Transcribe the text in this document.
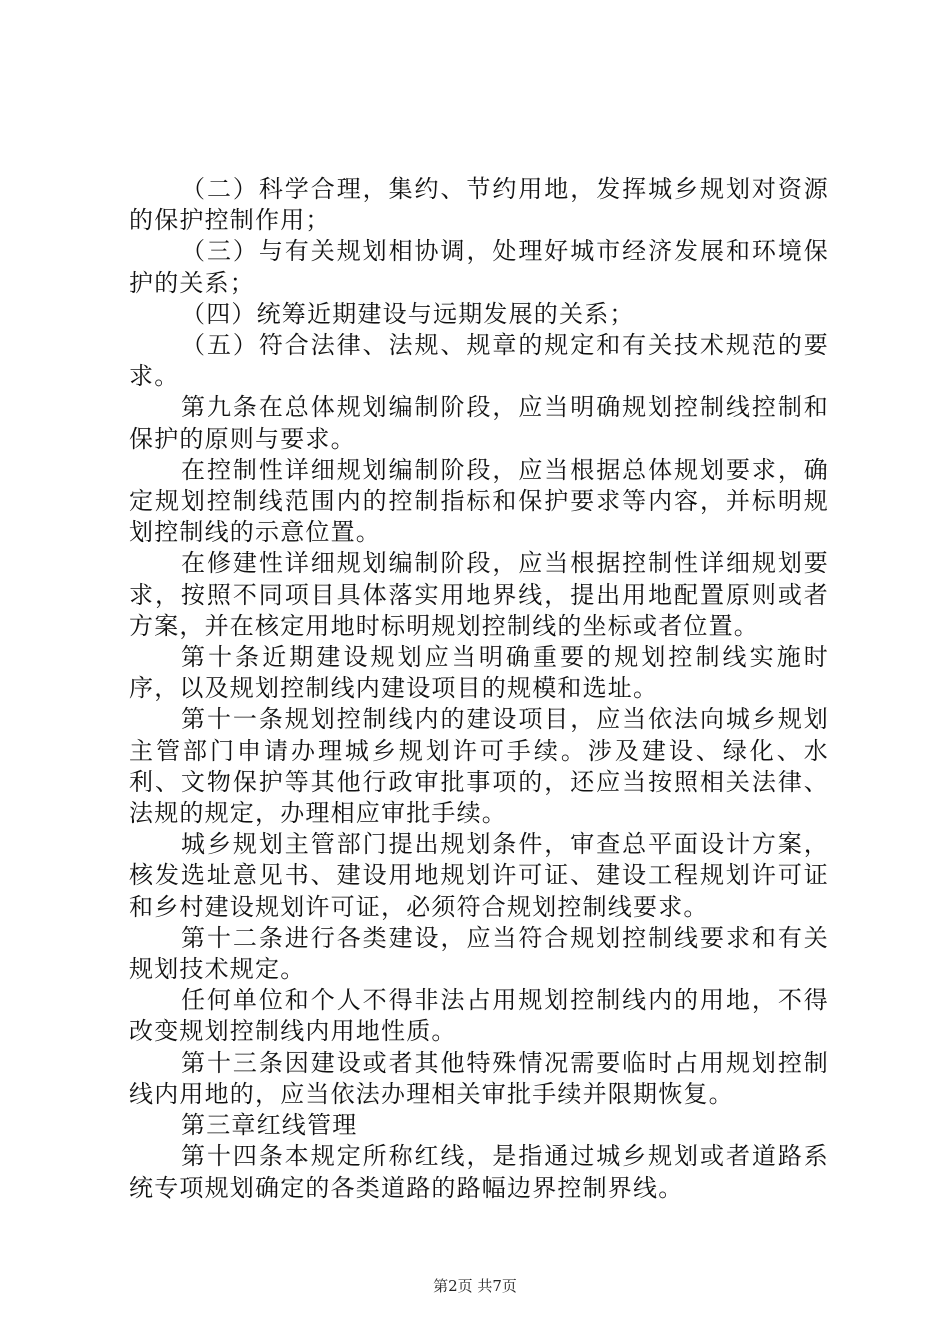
（二）科学合理，集约、节约用地，发挥城乡规划对资源的保护控制作用；

（三）与有关规划相协调，处理好城市经济发展和环境保护的关系；

（四）统筹近期建设与远期发展的关系；

（五）符合法律、法规、规章的规定和有关技术规范的要求。

第九条在总体规划编制阶段，应当明确规划控制线控制和保护的原则与要求。

在控制性详细规划编制阶段，应当根据总体规划要求，确定规划控制线范围内的控制指标和保护要求等内容，并标明规划控制线的示意位置。

在修建性详细规划编制阶段，应当根据控制性详细规划要求，按照不同项目具体落实用地界线，提出用地配置原则或者方案，并在核定用地时标明规划控制线的坐标或者位置。

第十条近期建设规划应当明确重要的规划控制线实施时序，以及规划控制线内建设项目的规模和选址。

第十一条规划控制线内的建设项目，应当依法向城乡规划主管部门申请办理城乡规划许可手续。涉及建设、绿化、水利、文物保护等其他行政审批事项的，还应当按照相关法律、法规的规定，办理相应审批手续。

城乡规划主管部门提出规划条件，审查总平面设计方案，核发选址意见书、建设用地规划许可证、建设工程规划许可证和乡村建设规划许可证，必须符合规划控制线要求。

第十二条进行各类建设，应当符合规划控制线要求和有关规划技术规定。

任何单位和个人不得非法占用规划控制线内的用地，不得改变规划控制线内用地性质。

第十三条因建设或者其他特殊情况需要临时占用规划控制线内用地的，应当依法办理相关审批手续并限期恢复。

第三章红线管理

第十四条本规定所称红线，是指通过城乡规划或者道路系统专项规划确定的各类道路的路幅边界控制界线。

第2页 共7页
